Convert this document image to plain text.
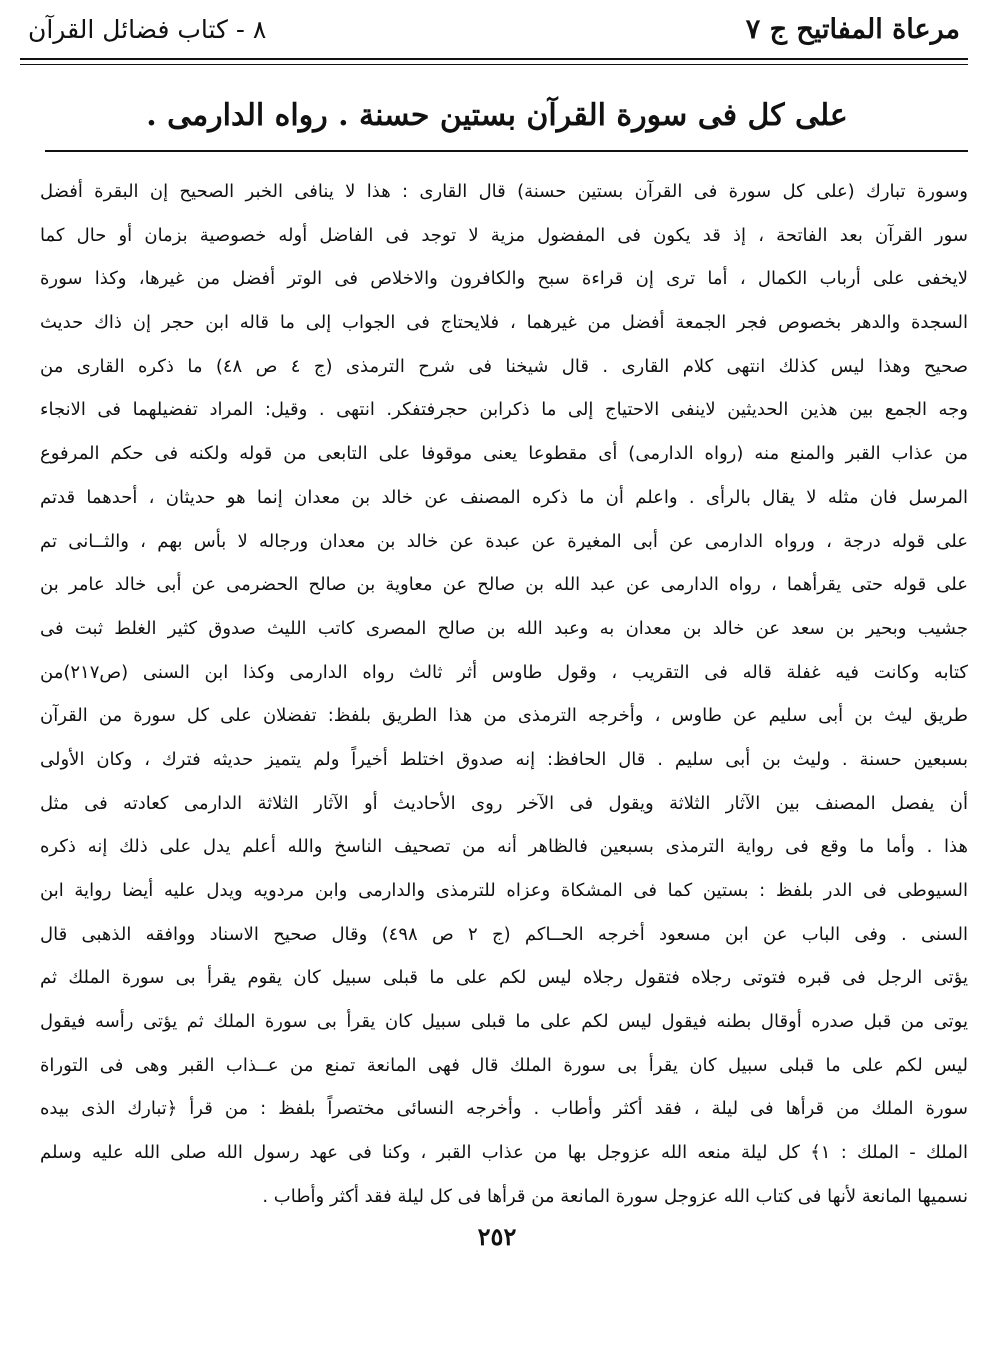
مرعاة المفاتيح ج ٧
٨ - كتاب فضائل القرآن
على كل فى سورة القرآن بستين حسنة . رواه الدارمى .
وسورة تبارك (على كل سورة فى القرآن بستين حسنة) قال القارى : هذا لا ينافى الخبر الصحيح إن البقرة أفضل
سور القرآن بعد الفاتحة ، إذ قد يكون فى المفضول مزية لا توجد فى الفاضل أوله خصوصية بزمان أو حال كما
لايخفى على أرباب الكمال ، أما ترى إن قراءة سبح والكافرون والاخلاص فى الوتر أفضل من غيرها، وكذا سورة
السجدة والدهر بخصوص فجر الجمعة أفضل من غيرهما ، فلايحتاج فى الجواب إلى ما قاله ابن حجر إن ذاك حديث
صحيح وهذا ليس كذلك انتهى كلام القارى . قال شيخنا فى شرح الترمذى (ج ٤ ص ٤٨) ما ذكره القارى من
وجه الجمع بين هذين الحديثين لاينفى الاحتياج إلى ما ذكرابن حجرفتفكر. انتهى . وقيل: المراد تفضيلهما فى الانجاء
من عذاب القبر والمنع منه (رواه الدارمى) أى مقطوعا يعنى موقوفا على التابعى من قوله ولكنه فى حكم المرفوع
المرسل فان مثله لا يقال بالرأى . واعلم أن ما ذكره المصنف عن خالد بن معدان إنما هو حديثان ، أحدهما قدتم
على قوله درجة ، ورواه الدارمى عن أبى المغيرة عن عبدة عن خالد بن معدان ورجاله لا بأس بهم ، والثــانى تم
على قوله حتى يقرأهما ، رواه الدارمى عن عبد الله بن صالح عن معاوية بن صالح الحضرمى عن أبى خالد عامر بن
جشيب وبحير بن سعد عن خالد بن معدان به وعبد الله بن صالح المصرى كاتب الليث صدوق كثير الغلط ثبت فى
كتابه وكانت فيه غفلة قاله فى التقريب ، وقول طاوس أثر ثالث رواه الدارمى وكذا ابن السنى (ص٢١٧)من
طريق ليث بن أبى سليم عن طاوس ، وأخرجه الترمذى من هذا الطريق بلفظ: تفضلان على كل سورة من القرآن
بسبعين حسنة . وليث بن أبى سليم . قال الحافظ: إنه صدوق اختلط أخيراً ولم يتميز حديثه فترك ، وكان الأولى
أن يفصل المصنف بين الآثار الثلاثة ويقول فى الآخر روى الأحاديث أو الآثار الثلاثة الدارمى كعادته فى مثل
هذا . وأما ما وقع فى رواية الترمذى بسبعين فالظاهر أنه من تصحيف الناسخ والله أعلم يدل على ذلك إنه ذكره
السيوطى فى الدر بلفظ : بستين كما فى المشكاة وعزاه للترمذى والدارمى وابن مردويه ويدل عليه أيضا رواية ابن
السنى . وفى الباب عن ابن مسعود أخرجه الحــاكم (ج ٢ ص ٤٩٨) وقال صحيح الاسناد ووافقه الذهبى قال
يؤتى الرجل فى قبره فتوتى رجلاه فتقول رجلاه ليس لكم على ما قبلى سبيل كان يقوم يقرأ بى سورة الملك ثم
يوتى من قبل صدره أوقال بطنه فيقول ليس لكم على ما قبلى سبيل كان يقرأ بى سورة الملك ثم يؤتى رأسه فيقول
ليس لكم على ما قبلى سبيل كان يقرأ بى سورة الملك قال فهى المانعة تمنع من عــذاب القبر وهى فى التوراة
سورة الملك من قرأها فى ليلة ، فقد أكثر وأطاب . وأخرجه النسائى مختصراً بلفظ : من قرأ ﴿تبارك الذى بيده
الملك - الملك : ١﴾ كل ليلة منعه الله عزوجل بها من عذاب القبر ، وكنا فى عهد رسول الله صلى الله عليه وسلم
نسميها المانعة لأنها فى كتاب الله عزوجل سورة المانعة من قرأها فى كل ليلة فقد أكثر وأطاب .
٢٥٢
